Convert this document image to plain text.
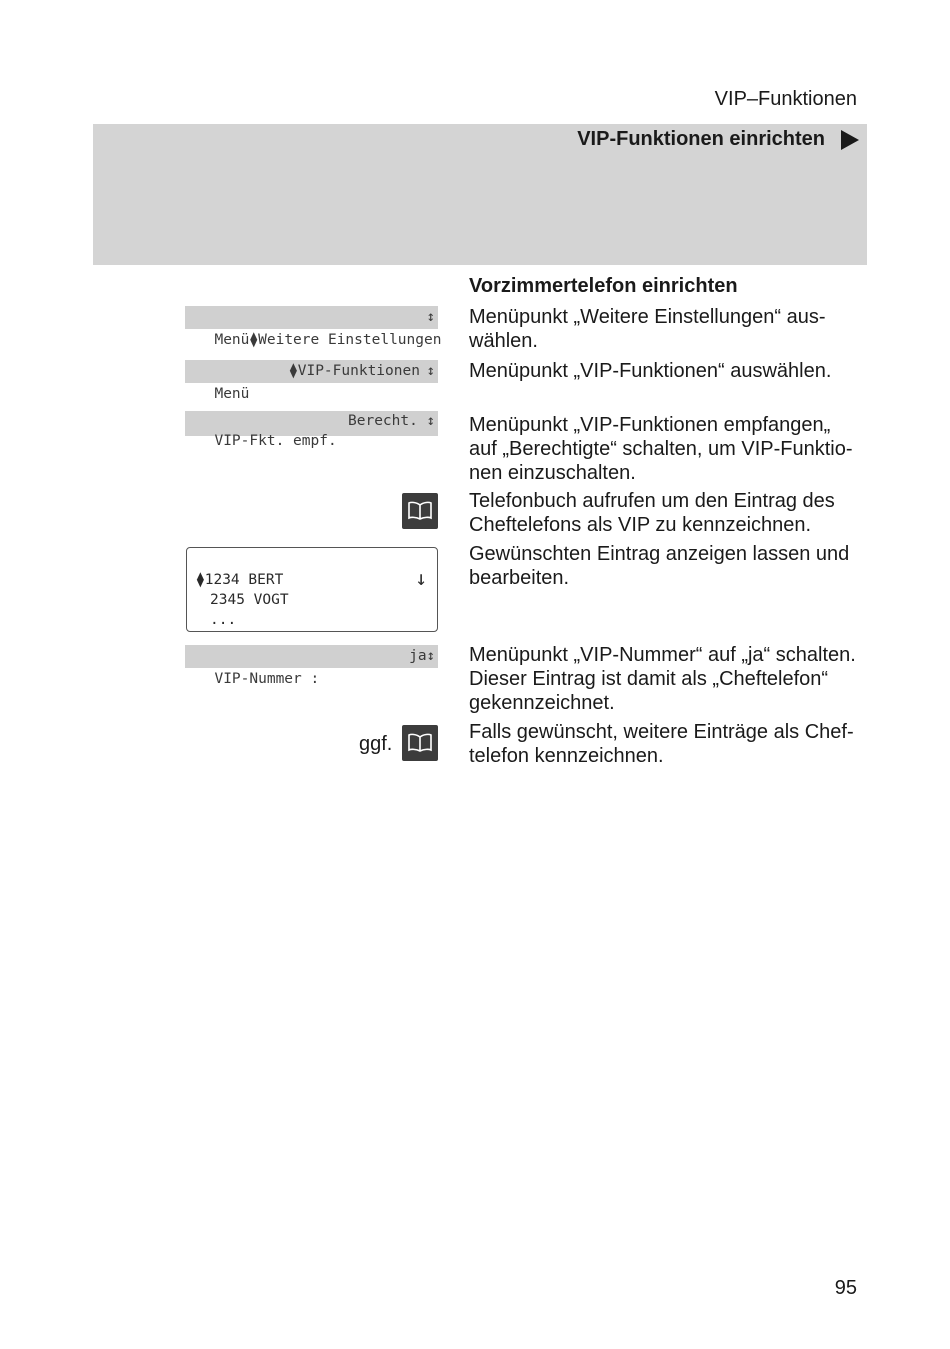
VIP–Funktionen
VIP-Funktionen einrichten
Vorzimmertelefon einrichten

Menü⧫Weitere Einstellungen

↕ Menüpunkt „Weitere Einstellungen“ aus-
wählen.

Menü

⧫VIP-Funktionen

↕ Menüpunkt „VIP-Funktionen“ auswählen.

VIP-Fkt. empf.

Berecht.

↕ Menüpunkt „VIP-Funktionen empfangen„
auf „Berechtigte“ schalten, um VIP-Funktio-
nen einzuschalten.
Telefonbuch aufrufen um den Eintrag des
Cheftelefons als VIP zu kennzeichnen.
⧫1234 BERT
2345 VOGT
...
↓
Gewünschten Eintrag anzeigen lassen und
bearbeiten.

VIP-Nummer :

ja↕ Menüpunkt „VIP-Nummer“ auf „ja“ schalten.
Dieser Eintrag ist damit als „Cheftelefon“
gekennzeichnet.
ggf.
Falls gewünscht, weitere Einträge als Chef-
telefon kennzeichnen.
95
